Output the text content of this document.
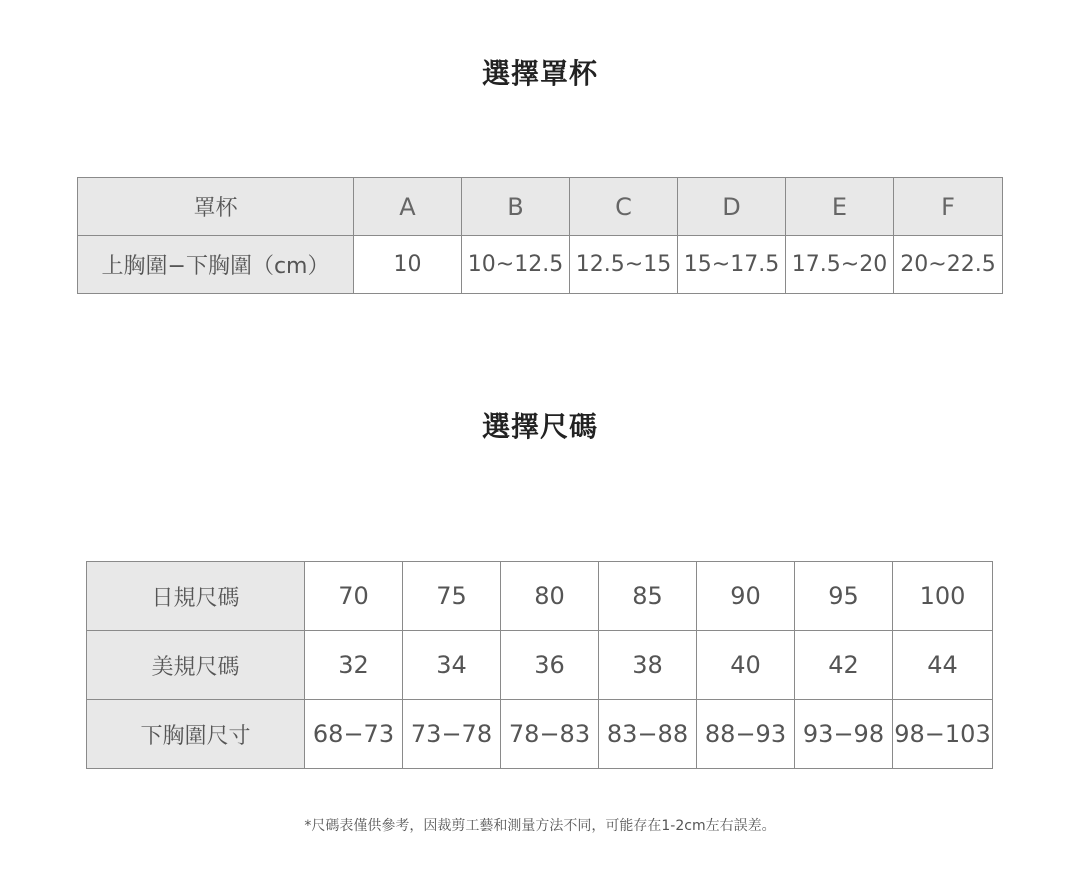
選擇罩杯
罩杯	A	B	C	D	E	F
上胸圍−下胸圍（cm）	10	10~12.5	12.5~15	15~17.5	17.5~20	20~22.5
選擇尺碼
日規尺碼	70	75	80	85	90	95	100
美規尺碼	32	34	36	38	40	42	44
下胸圍尺寸	68−73	73−78	78−83	83−88	88−93	93−98	98−103
*尺碼表僅供參考，因裁剪工藝和測量方法不同，可能存在1-2cm左右誤差。
